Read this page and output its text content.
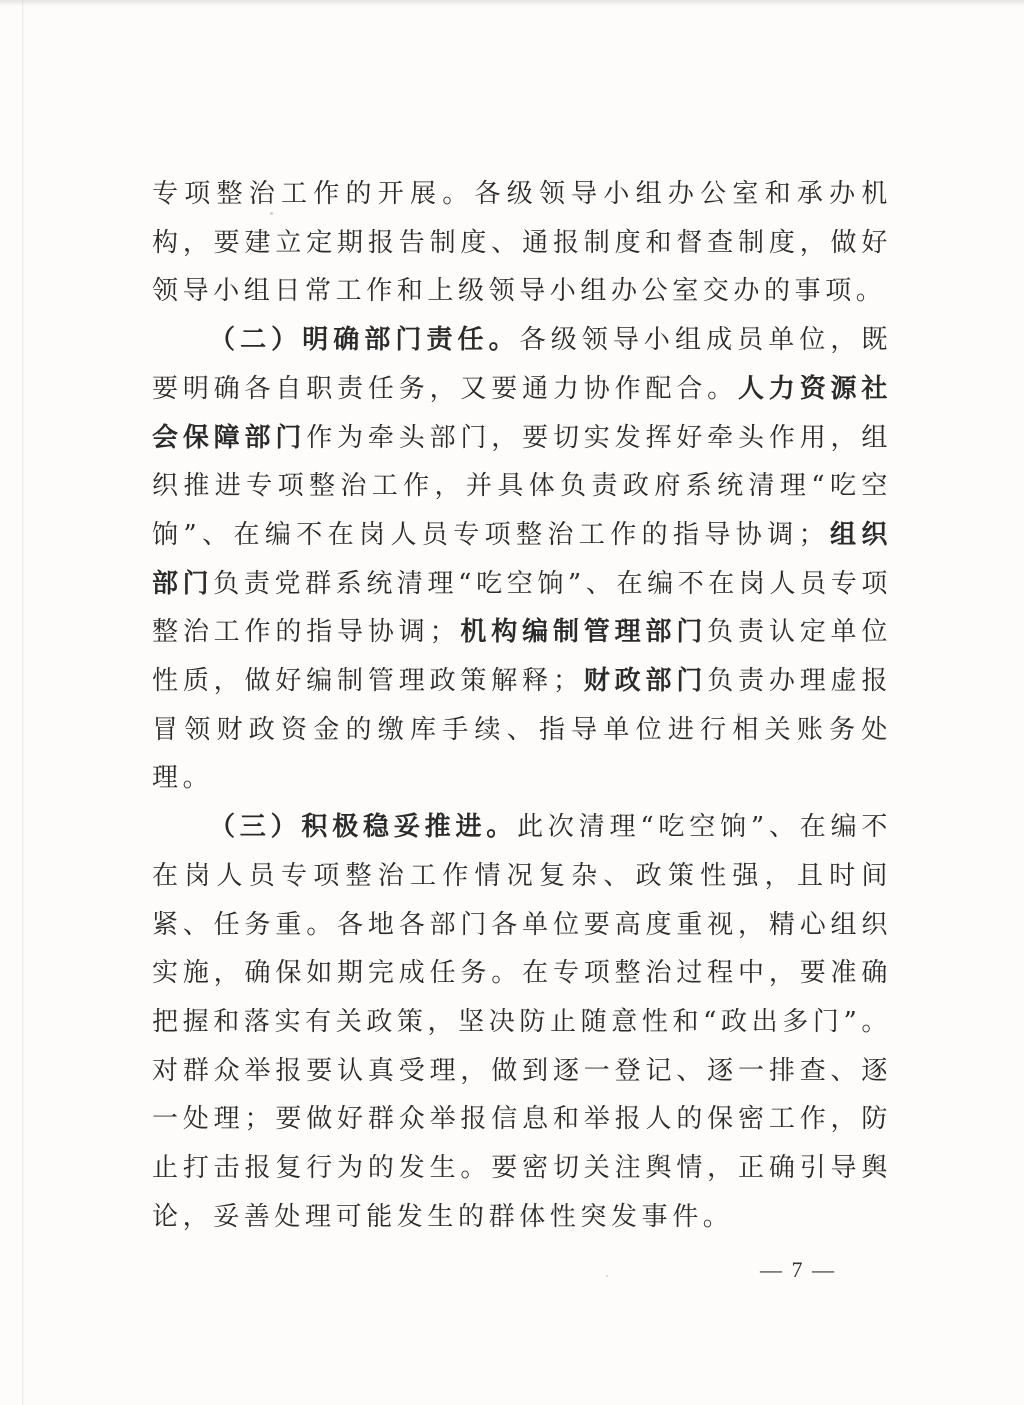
专项整治工作的开展。各级领导小组办公室和承办机构，要建立定期报告制度、通报制度和督查制度，做好领导小组日常工作和上级领导小组办公室交办的事项。

（二）明确部门责任。各级领导小组成员单位，既要明确各自职责任务，又要通力协作配合。人力资源社会保障部门作为牵头部门，要切实发挥好牵头作用，组织推进专项整治工作，并具体负责政府系统清理“吃空饷”、在编不在岗人员专项整治工作的指导协调；组织部门负责党群系统清理“吃空饷”、在编不在岗人员专项整治工作的指导协调；机构编制管理部门负责认定单位性质，做好编制管理政策解释；财政部门负责办理虚报冒领财政资金的缴库手续、指导单位进行相关账务处理。

（三）积极稳妥推进。此次清理“吃空饷”、在编不在岗人员专项整治工作情况复杂、政策性强，且时间紧、任务重。各地各部门各单位要高度重视，精心组织实施，确保如期完成任务。在专项整治过程中，要准确把握和落实有关政策，坚决防止随意性和“政出多门”。对群众举报要认真受理，做到逐一登记、逐一排查、逐一处理；要做好群众举报信息和举报人的保密工作，防止打击报复行为的发生。要密切关注舆情，正确引导舆论，妥善处理可能发生的群体性突发事件。

— 7 —
